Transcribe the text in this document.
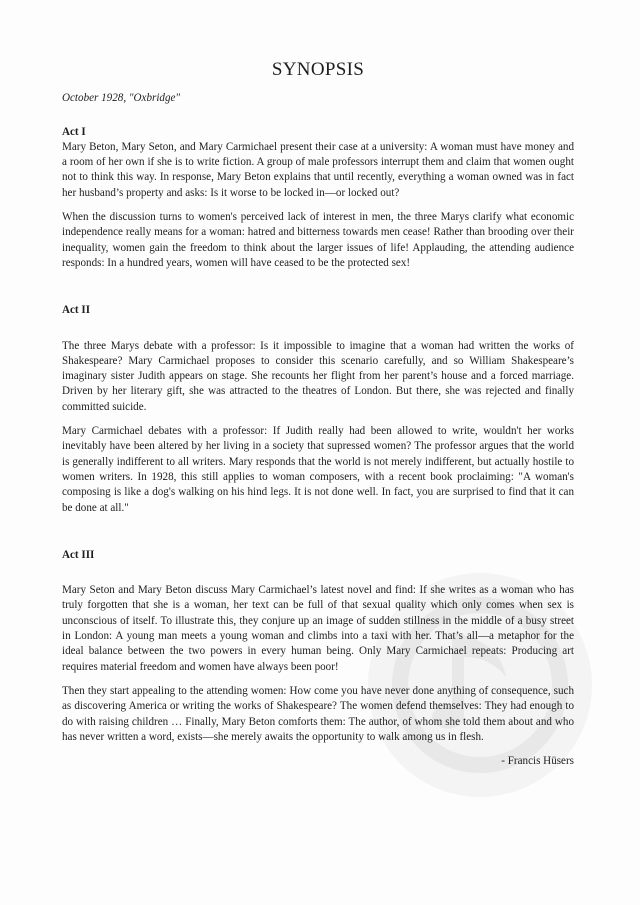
SYNOPSIS
October 1928, "Oxbridge"
Act I

Mary Beton, Mary Seton, and Mary Carmichael present their case at a university: A woman must have money and a room of her own if she is to write fiction. A group of male professors interrupt them and claim that women ought not to think this way. In response, Mary Beton explains that until recently, everything a woman owned was in fact her husband’s property and asks: Is it worse to be locked in—or locked out?

When the discussion turns to women's perceived lack of interest in men, the three Marys clarify what economic independence really means for a woman: hatred and bitterness towards men cease! Rather than brooding over their inequality, women gain the freedom to think about the larger issues of life! Applauding, the attending audience responds: In a hundred years, women will have ceased to be the protected sex!

Act II

The three Marys debate with a professor: Is it impossible to imagine that a woman had written the works of Shakespeare? Mary Carmichael proposes to consider this scenario carefully, and so William Shakespeare’s imaginary sister Judith appears on stage. She recounts her flight from her parent’s house and a forced marriage. Driven by her literary gift, she was attracted to the theatres of London. But there, she was rejected and finally committed suicide.

Mary Carmichael debates with a professor: If Judith really had been allowed to write, wouldn't her works inevitably have been altered by her living in a society that supressed women? The professor argues that the world is generally indifferent to all writers. Mary responds that the world is not merely indifferent, but actually hostile to women writers. In 1928, this still applies to woman composers, with a recent book proclaiming: "A woman's composing is like a dog's walking on his hind legs. It is not done well. In fact, you are surprised to find that it can be done at all."

Act III

Mary Seton and Mary Beton discuss Mary Carmichael’s latest novel and find: If she writes as a woman who has truly forgotten that she is a woman, her text can be full of that sexual quality which only comes when sex is unconscious of itself. To illustrate this, they conjure up an image of sudden stillness in the middle of a busy street in London: A young man meets a young woman and climbs into a taxi with her. That’s all—a metaphor for the ideal balance between the two powers in every human being. Only Mary Carmichael repeats: Producing art requires material freedom and women have always been poor!

Then they start appealing to the attending women: How come you have never done anything of consequence, such as discovering America or writing the works of Shakespeare? The women defend themselves: They had enough to do with raising children … Finally, Mary Beton comforts them: The author, of whom she told them about and who has never written a word, exists—she merely awaits the opportunity to walk among us in flesh.

- Francis Hüsers
